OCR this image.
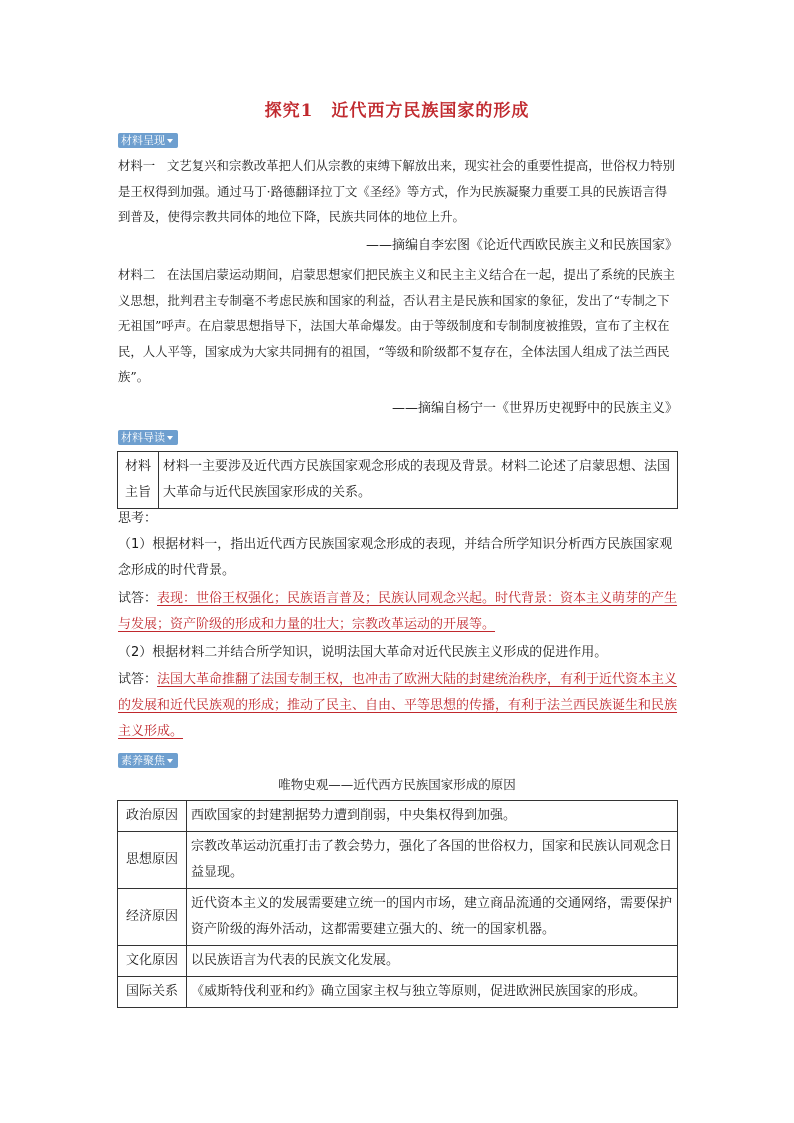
探究1　近代西方民族国家的形成
材料呈现
材料一 文艺复兴和宗教改革把人们从宗教的束缚下解放出来，现实社会的重要性提高，世俗权力特别是王权得到加强。通过马丁·路德翻译拉丁文《圣经》等方式，作为民族凝聚力重要工具的民族语言得到普及，使得宗教共同体的地位下降，民族共同体的地位上升。
——摘编自李宏图《论近代西欧民族主义和民族国家》
材料二 在法国启蒙运动期间，启蒙思想家们把民族主义和民主主义结合在一起，提出了系统的民族主义思想，批判君主专制毫不考虑民族和国家的利益，否认君主是民族和国家的象征，发出了“专制之下无祖国”呼声。在启蒙思想指导下，法国大革命爆发。由于等级制度和专制制度被推毁，宣布了主权在民，人人平等，国家成为大家共同拥有的祖国，“等级和阶级都不复存在，全体法国人组成了法兰西民族”。
——摘编自杨宁一《世界历史视野中的民族主义》
材料导读
材料主旨	材料一主要涉及近代西方民族国家观念形成的表现及背景。材料二论述了启蒙思想、法国大革命与近代民族国家形成的关系。
思考：
（1）根据材料一，指出近代西方民族国家观念形成的表现，并结合所学知识分析西方民族国家观念形成的时代背景。
试答：表现：世俗王权强化；民族语言普及；民族认同观念兴起。时代背景：资本主义萌芽的产生与发展；资产阶级的形成和力量的壮大；宗教改革运动的开展等。
（2）根据材料二并结合所学知识，说明法国大革命对近代民族主义形成的促进作用。
试答：法国大革命推翻了法国专制王权，也冲击了欧洲大陆的封建统治秩序，有利于近代资本主义的发展和近代民族观的形成；推动了民主、自由、平等思想的传播，有利于法兰西民族诞生和民族主义形成。
素养聚焦
唯物史观——近代西方民族国家形成的原因
政治原因	西欧国家的封建割据势力遭到削弱，中央集权得到加强。
思想原因	宗教改革运动沉重打击了教会势力，强化了各国的世俗权力，国家和民族认同观念日益显现。
经济原因	近代资本主义的发展需要建立统一的国内市场，建立商品流通的交通网络，需要保护资产阶级的海外活动，这都需要建立强大的、统一的国家机器。
文化原因	以民族语言为代表的民族文化发展。
国际关系	《威斯特伐利亚和约》确立国家主权与独立等原则，促进欧洲民族国家的形成。
